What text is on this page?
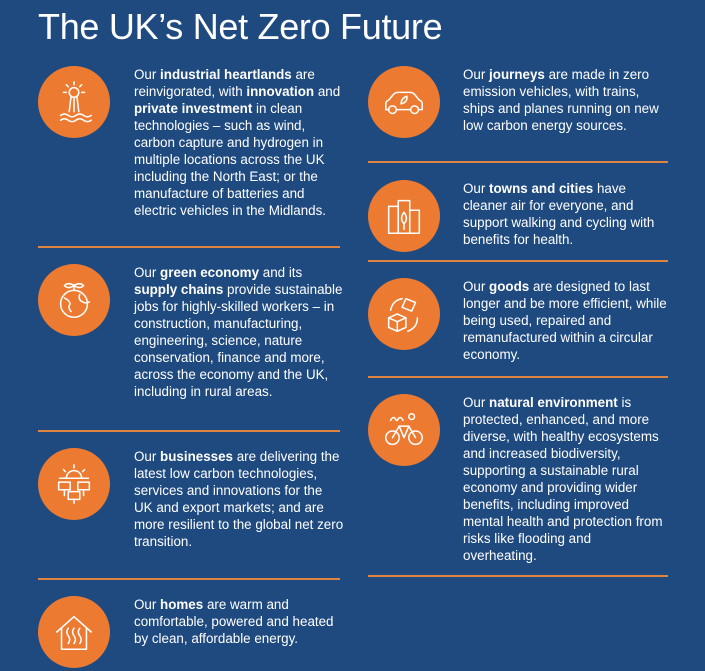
The UK’s Net Zero Future
Our industrial heartlands are reinvigorated, with innovation and private investment in clean technologies – such as wind, carbon capture and hydrogen in multiple locations across the UK including the North East; or the manufacture of batteries and electric vehicles in the Midlands.
Our green economy and its supply chains provide sustainable jobs for highly-skilled workers – in construction, manufacturing, engineering, science, nature conservation, finance and more, across the economy and the UK, including in rural areas.
Our businesses are delivering the latest low carbon technologies, services and innovations for the UK and export markets; and are more resilient to the global net zero transition.
Our homes are warm and comfortable, powered and heated by clean, affordable energy.
Our journeys are made in zero emission vehicles, with trains, ships and planes running on new low carbon energy sources.
Our towns and cities have cleaner air for everyone, and support walking and cycling with benefits for health.
Our goods are designed to last longer and be more efficient, while being used, repaired and remanufactured within a circular economy.
Our natural environment is protected, enhanced, and more diverse, with healthy ecosystems and increased biodiversity, supporting a sustainable rural economy and providing wider benefits, including improved mental health and protection from risks like flooding and overheating.
